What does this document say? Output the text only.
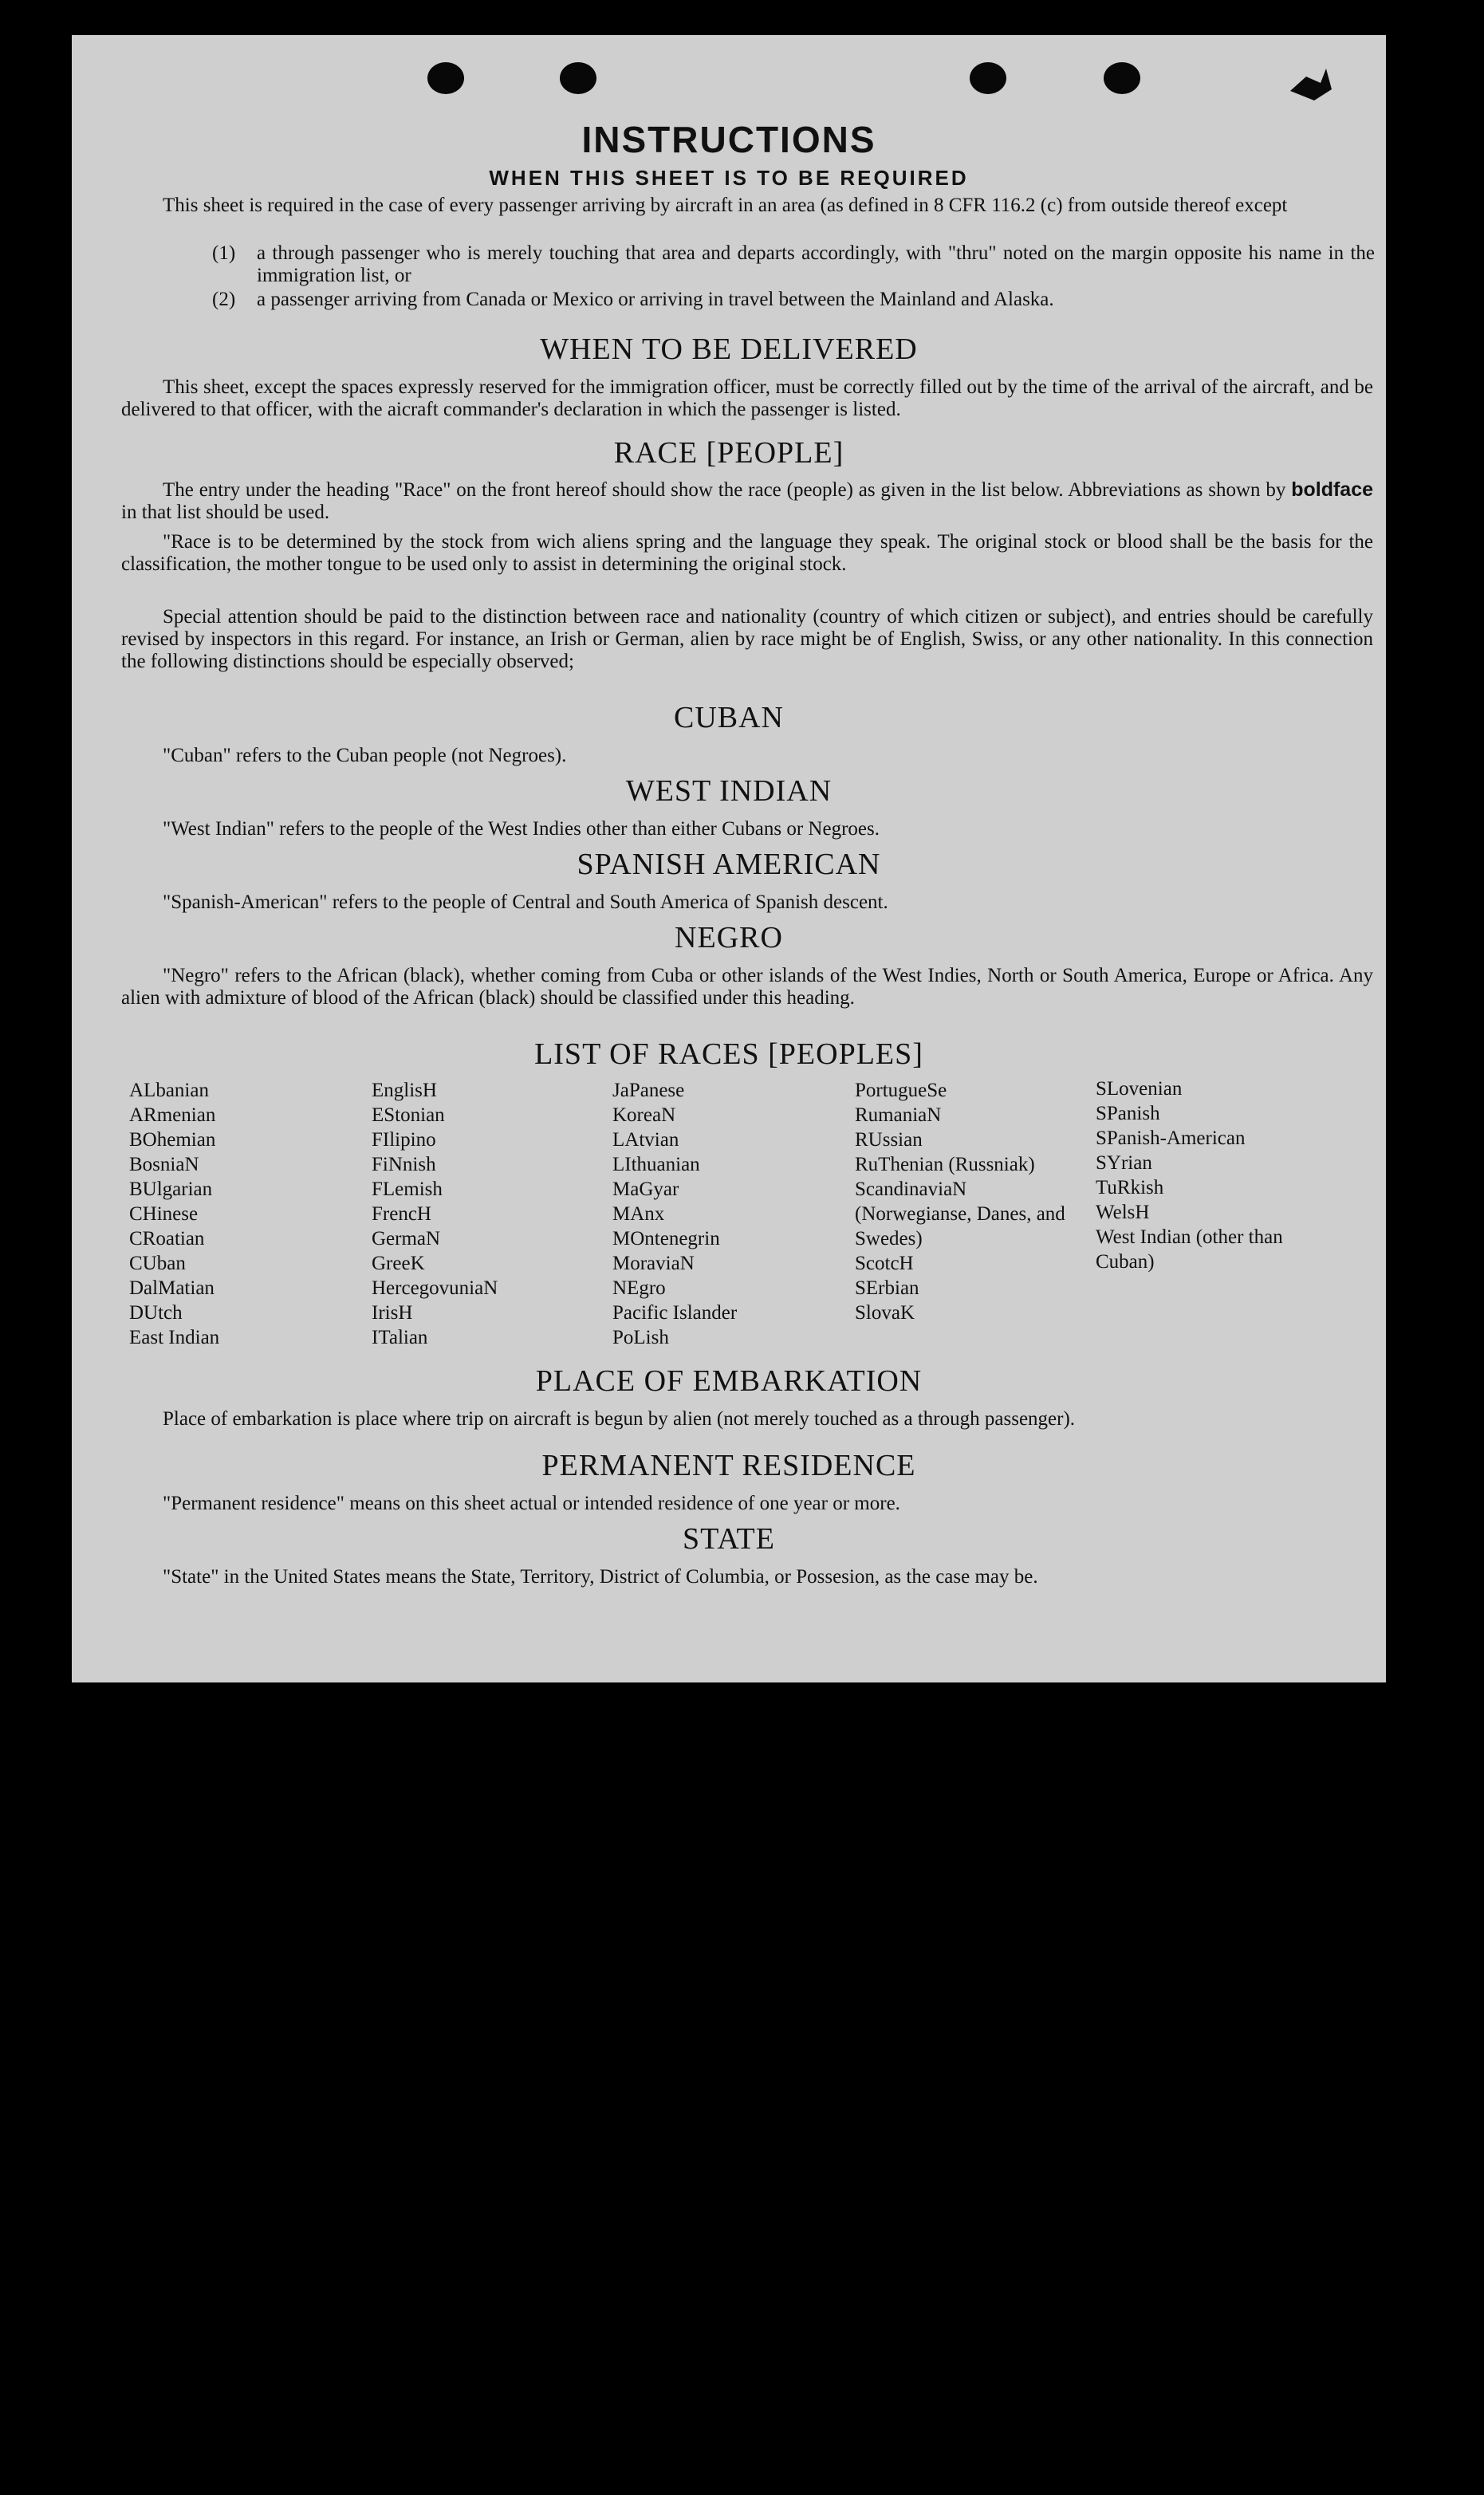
INSTRUCTIONS
WHEN THIS SHEET IS TO BE REQUIRED
This sheet is required in the case of every passenger arriving by aircraft in an area (as defined in 8 CFR 116.2 (c) from outside thereof except
(1) a through passenger who is merely touching that area and departs accordingly, with "thru" noted on the margin opposite his name in the immigration list, or
(2) a passenger arriving from Canada or Mexico or arriving in travel between the Mainland and Alaska.
WHEN TO BE DELIVERED
This sheet, except the spaces expressly reserved for the immigration officer, must be correctly filled out by the time of the arrival of the aircraft, and be delivered to that officer, with the aicraft commander's declaration in which the passenger is listed.
RACE [PEOPLE]
The entry under the heading "Race" on the front hereof should show the race (people) as given in the list below. Abbreviations as shown by boldface in that list should be used.
"Race is to be determined by the stock from wich aliens spring and the language they speak. The original stock or blood shall be the basis for the classification, the mother tongue to be used only to assist in determining the original stock.
Special attention should be paid to the distinction between race and nationality (country of which citizen or subject), and entries should be carefully revised by inspectors in this regard. For instance, an Irish or German, alien by race might be of English, Swiss, or any other nationality. In this connection the following distinctions should be especially observed;
CUBAN
"Cuban" refers to the Cuban people (not Negroes).
WEST INDIAN
"West Indian" refers to the people of the West Indies other than either Cubans or Negroes.
SPANISH AMERICAN
"Spanish-American" refers to the people of Central and South America of Spanish descent.
NEGRO
"Negro" refers to the African (black), whether coming from Cuba or other islands of the West Indies, North or South America, Europe or Africa. Any alien with admixture of blood of the African (black) should be classified under this heading.
LIST OF RACES [PEOPLES]
ALbanian
ARmenian
BOhemian
BosniaN
BUlgarian
CHinese
CRoatian
CUban
DalMatian
DUtch
East Indian
EnglisH
EStonian
FIlipino
FiNnish
FLemish
FrencH
GermaN
GreeK
HercegovuniaN
IrisH
ITalian
JaPanese
KoreaN
LAtvian
LIthuanian
MaGyar
MAnx
MOntenegrin
MoraviaN
NEgro
Pacific Islander
PoLish
PortugueSe
RumaniaN
RUssian
RuThenian (Russniak)
ScandinaviaN (Norwegianse, Danes, and Swedes)
ScotcH
SErbian
SlovaK
SLovenian
SPanish
SPanish-American
SYrian
TuRkish
WelsH
West Indian (other than Cuban)
PLACE OF EMBARKATION
Place of embarkation is place where trip on aircraft is begun by alien (not merely touched as a through passenger).
PERMANENT RESIDENCE
"Permanent residence" means on this sheet actual or intended residence of one year or more.
STATE
"State" in the United States means the State, Territory, District of Columbia, or Possesion, as the case may be.
